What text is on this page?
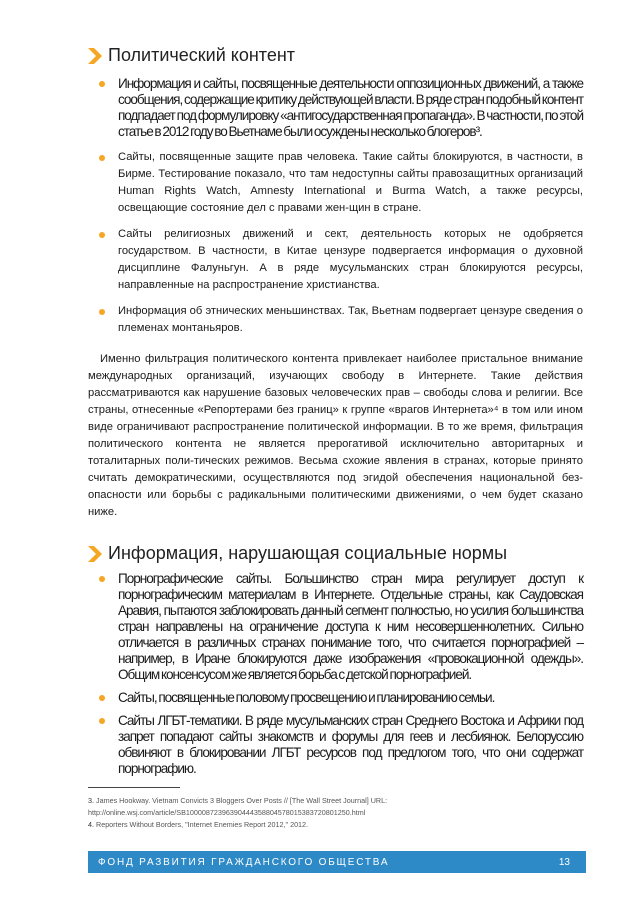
Политический контент
Информация и сайты, посвященные деятельности оппозиционных движений, а также сообщения, содержащие критику действующей власти. В ряде стран подобный контент подпадает под формулировку «антигосударственная пропаганда». В частности, по этой статье в 2012 году во Вьетнаме были осуждены несколько блогеров³.
Сайты, посвященные защите прав человека. Такие сайты блокируются, в частности, в Бирме. Тестирование показало, что там недоступны сайты правозащитных организаций Human Rights Watch, Amnesty International и Burma Watch, а также ресурсы, освещающие состояние дел с правами жен-щин в стране.
Сайты религиозных движений и сект, деятельность которых не одобряется государством. В частности, в Китае цензуре подвергается информация о духовной дисциплине Фалуньгун. А в ряде мусульманских стран блокируются ресурсы, направленные на распространение христианства.
Информация об этнических меньшинствах. Так, Вьетнам подвергает цензуре сведения о племенах монтаньяров.
Именно фильтрация политического контента привлекает наиболее пристальное внимание международных организаций, изучающих свободу в Интернете. Такие действия рассматриваются как нарушение базовых человеческих прав – свободы слова и религии. Все страны, отнесенные «Репортерами без границ» к группе «врагов Интернета»⁴ в том или ином виде ограничивают распространение политической информации. В то же время, фильтрация политического контента не является прерогативой исключительно авторитарных и тоталитарных поли-тических режимов. Весьма схожие явления в странах, которые принято считать демократическими, осуществляются под эгидой обеспечения национальной без-опасности или борьбы с радикальными политическими движениями, о чем будет сказано ниже.
Информация, нарушающая социальные нормы
Порнографические сайты. Большинство стран мира регулирует доступ к порнографическим материалам в Интернете. Отдельные страны, как Саудовская Аравия, пытаются заблокировать данный сегмент полностью, но усилия большинства стран направлены на ограничение доступа к ним несовершеннолетних. Сильно отличается в различных странах понимание того, что считается порнографией – например, в Иране блокируются даже изображения «провокационной одежды». Общим консенсусом же является борьба с детской порнографией.
Сайты, посвященные половому просвещению и планированию семьи.
Сайты ЛГБТ-тематики. В ряде мусульманских стран Среднего Востока и Африки под запрет попадают сайты знакомств и форумы для геев и лесбиянок. Белоруссию обвиняют в блокировании ЛГБТ ресурсов под предлогом того, что они содержат порнографию.
3. James Hookway. Vietnam Convicts 3 Bloggers Over Posts // [The Wall Street Journal] URL: http://online.wsj.com/article/SB10000872396390444358804578015383720801250.html
4. Reporters Without Borders, "Internet Enemies Report 2012," 2012.
ФОНД РАЗВИТИЯ ГРАЖДАНСКОГО ОБЩЕСТВА	13
